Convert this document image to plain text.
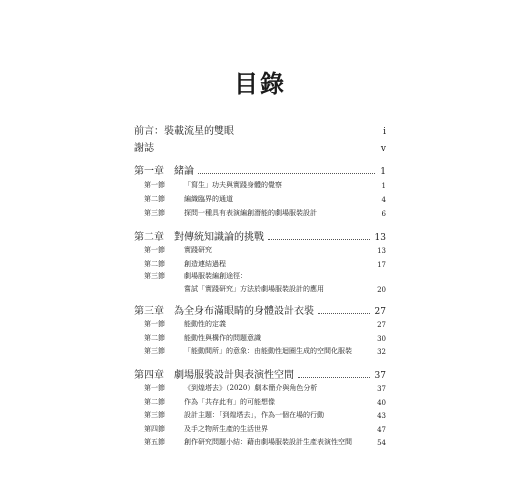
目錄
前言：裝載流星的雙眼	i
謝誌	v
第一章	緒論	1
第一節	「寫生」功夫與實踐身體的覺察	1
第二節	編織臨界的通道	4
第三節	探問一種具有表演編創潛能的劇場服裝設計	6
第二章	對傳統知識論的挑戰	13
第一節	實踐研究	13
第二節	創造連結過程	17
第三節	劇場服裝編創途徑：
嘗試「實踐研究」方法於劇場服裝設計的應用	20
第三章	為全身布滿眼睛的身體設計衣裝	27
第一節	能動性的定義	27
第二節	能動性與構作的問題意識	30
第三節	「能動間所」的意象：由能動性迴圈生成的空間化服裝	32
第四章	劇場服裝設計與表演性空間	37
第一節	《到煌塔去》（2020）劇本簡介與角色分析	37
第二節	作為「共存此有」的可能想像	40
第三節	設計主題：「到煌塔去」，作為一個在場的行動	43
第四節	及手之物所生產的生活世界	47
第五節	創作研究問題小結：藉由劇場服裝設計生產表演性空間	54
